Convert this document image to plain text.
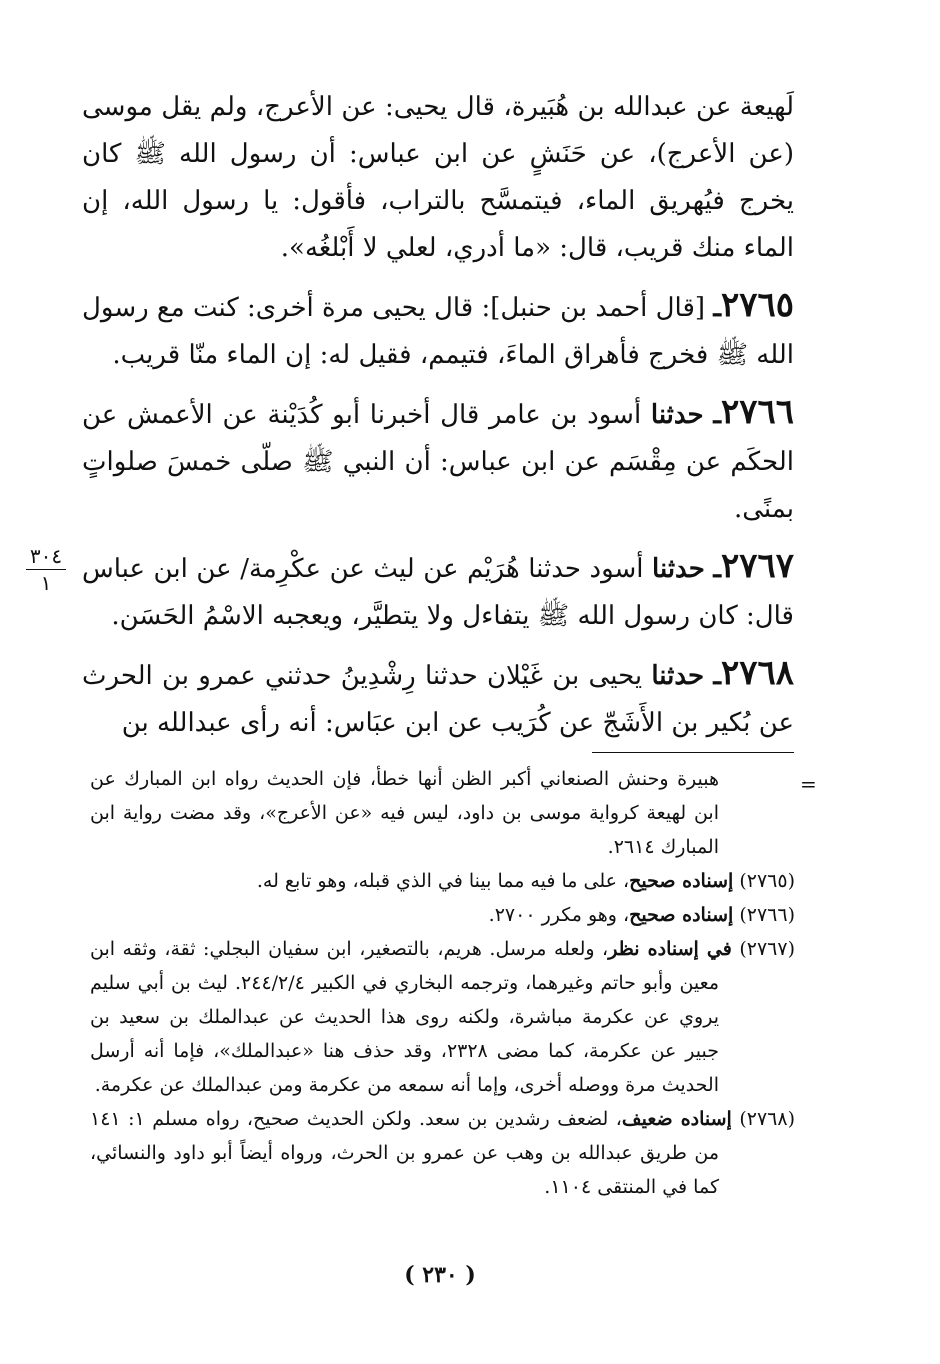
لَهيعة عن عبدالله بن هُبَيرة، قال يحيى: عن الأعرج، ولم يقل موسى (عن الأعرج)، عن حَنَشٍ عن ابن عباس: أن رسول الله ﷺ كان يخرج فيُهريق الماء، فيتمسَّح بالتراب، فأقول: يا رسول الله، إن الماء منك قريب، قال: «ما أدري، لعلي لا أَبْلغُه».

٢٧٦٥ـ [قال أحمد بن حنبل]: قال يحيى مرة أخرى: كنت مع رسول الله ﷺ فخرج فأهراق الماءَ، فتيمم، فقيل له: إن الماء منّا قريب.

٢٧٦٦ـ حدثنا أسود بن عامر قال أخبرنا أبو كُدَيْنة عن الأعمش عن الحكَم عن مِقْسَم عن ابن عباس: أن النبي ﷺ صلّى خمسَ صلواتٍ بمنًى.

٢٧٦٧ـ حدثنا أسود حدثنا هُرَيْم عن ليث عن عكْرِمة/ عن ابن عباس قال: كان رسول الله ﷺ يتفاءل ولا يتطيَّر، ويعجبه الاسْمُ الحَسَن.

٢٧٦٨ـ حدثنا يحيى بن غَيْلان حدثنا رِشْدِينُ حدثني عمرو بن الحرث عن بُكير بن الأَشَجّ عن كُرَيب عن ابن عبَاس: أنه رأى عبدالله بن

٣٠٤
١
=

هبيرة وحنش الصنعاني أكبر الظن أنها خطأ، فإن الحديث رواه ابن المبارك عن ابن لهيعة كرواية موسى بن داود، ليس فيه «عن الأعرج»، وقد مضت رواية ابن المبارك ٢٦١٤.

(٢٧٦٥) إسناده صحيح، على ما فيه مما بينا في الذي قبله، وهو تابع له.

(٢٧٦٦) إسناده صحيح، وهو مكرر ٢٧٠٠.

(٢٧٦٧) في إسناده نظر، ولعله مرسل. هريم، بالتصغير، ابن سفيان البجلي: ثقة، وثقه ابن معين وأبو حاتم وغيرهما، وترجمه البخاري في الكبير ٢٤٤/٢/٤. ليث بن أبي سليم يروي عن عكرمة مباشرة، ولكنه روى هذا الحديث عن عبدالملك بن سعيد بن جبير عن عكرمة، كما مضى ٢٣٢٨، وقد حذف هنا «عبدالملك»، فإما أنه أرسل الحديث مرة ووصله أخرى، وإما أنه سمعه من عكرمة ومن عبدالملك عن عكرمة.

(٢٧٦٨) إسناده ضعيف، لضعف رشدين بن سعد. ولكن الحديث صحيح، رواه مسلم ١: ١٤١ من طريق عبدالله بن وهب عن عمرو بن الحرث، ورواه أيضاً أبو داود والنسائي، كما في المنتقى ١١٠٤.

( ٢٣٠ )
